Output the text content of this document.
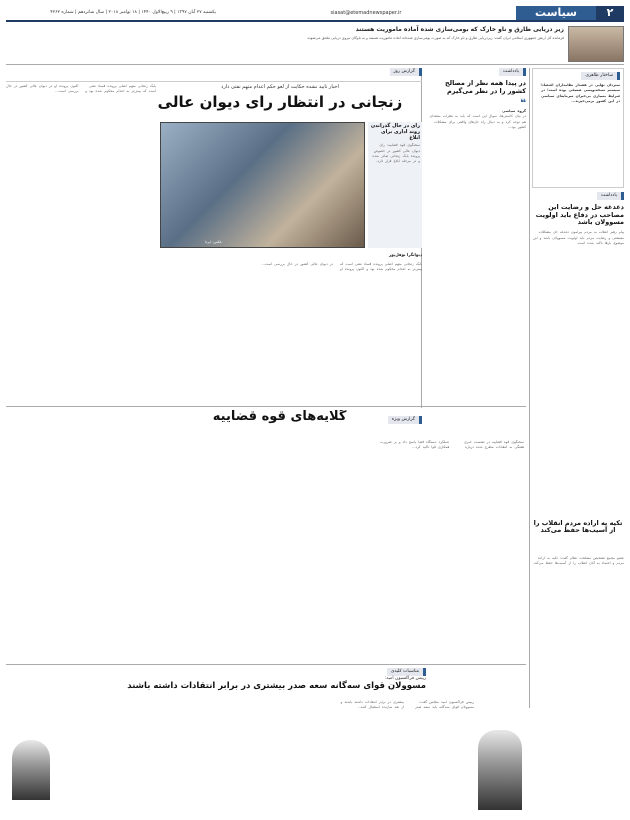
۲
سیاست
siasat@etemadnewspaper.ir
یکشنبه ۲۷ آبان ۱۳۹۷ | ۹ ربیع‌الاول ۱۴۴۰ | ۱۸ نوامبر ۲۰۱۸ | سال شانزدهم | شماره ۴۲۶۲
زیر دریایی طارق و ناو خارک که بومی‌سازی شده آماده ماموریت هستند
فرمانده کل ارتش جمهوری اسلامی ایران گفت: زیردریایی طارق و ناو خارک که به صورت بومی‌سازی شده‌اند آماده ماموریت هستند و به ناوگان نیروی دریایی ملحق می‌شوند.
ساختار ظاهری
ستردان نهایی در هشدار نظامداران اقتصاد؛ سیستم نسخه‌نویسی ضعیفی بوده است؛ در شرایط بسیاری بی‌خبران سرمایه‌ای سیاسی در این کشور برمی‌خیزند...
یادداشت
دغدغه حل و رضایت این مصاحب در دفاع باید اولویت مسوولان باشد
پیام رهبر انقلاب به مردم پیرامون دغدغه حل مشکلات معیشتی و رضایت مردم باید اولویت مسوولان باشد و این موضوع بارها تاکید شده است.
تکیه به اراده مردم انقلاب را از آسیب‌ها حفظ می‌کند
عضو مجمع تشخیص مصلحت نظام گفت: تکیه به اراده مردم و اعتماد به آنان انقلاب را از آسیب‌ها حفظ می‌کند.
یادداشت
در پیدا همه نظر از مصالح کشور را در نظر می‌گیرم
❝
گروه سیاسی
در بیان کاستی‌ها، سوال این است که باید به نظرات منتقدان هم توجه کرد و به دنبال راه حل‌های واقعی برای مشکلات کشور بود...
گزارش روز
اخبار تایید نشده حکایت از لغو حکم اعدام متهم نفتی دارد
زنجانی در انتظار رای دیوان عالی
عکس: ایرنا
رای در حال گذراندن روند اداری برای ابلاغ
سخنگوی قوه قضاییه: رای دیوان عالی کشور در خصوص پرونده بابک زنجانی صادر شده و در مرحله ابلاغ قرار دارد.
دیوانگرا نوفل‌پور
بابک زنجانی متهم اصلی پرونده فساد نفتی است که پیش‌تر به اعدام محکوم شده بود و اکنون پرونده او در دیوان عالی کشور در حال بررسی است...
بابک زنجانی متهم اصلی پرونده فساد نفتی است که پیش‌تر به اعدام محکوم شده بود و اکنون پرونده او در دیوان عالی کشور در حال بررسی است...
گزارش ویژه گلایه‌های قوه قضاییه
سخنگوی قوه قضاییه در نشست خبری هفتگی به انتقادات مطرح شده درباره عملکرد دستگاه قضا پاسخ داد و بر ضرورت همکاری قوا تاکید کرد...
مناسبات کلیدی
رییس فراکسیون امید:
مسوولان قوای سه‌گانه سعه صدر بیشتری در برابر انتقادات داشته باشند
رییس فراکسیون امید مجلس گفت: مسوولان قوای سه‌گانه باید سعه صدر بیشتری در برابر انتقادات داشته باشند و از نقد سازنده استقبال کنند...
